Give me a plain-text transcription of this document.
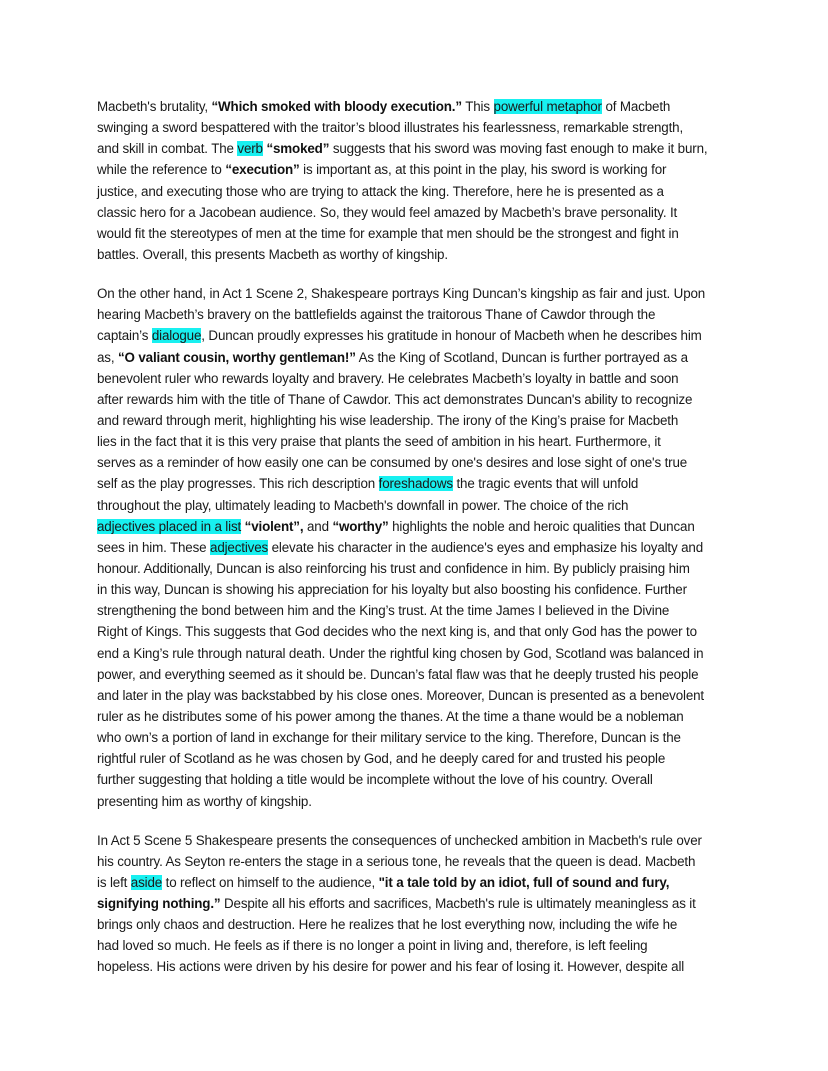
Macbeth's brutality, “Which smoked with bloody execution.” This powerful metaphor of Macbeth
swinging a sword bespattered with the traitor’s blood illustrates his fearlessness, remarkable strength,
and skill in combat. The verb “smoked” suggests that his sword was moving fast enough to make it burn,
while the reference to “execution” is important as, at this point in the play, his sword is working for
justice, and executing those who are trying to attack the king. Therefore, here he is presented as a
classic hero for a Jacobean audience. So, they would feel amazed by Macbeth’s brave personality. It
would fit the stereotypes of men at the time for example that men should be the strongest and fight in
battles. Overall, this presents Macbeth as worthy of kingship.

On the other hand, in Act 1 Scene 2, Shakespeare portrays King Duncan’s kingship as fair and just. Upon
hearing Macbeth’s bravery on the battlefields against the traitorous Thane of Cawdor through the
captain’s dialogue, Duncan proudly expresses his gratitude in honour of Macbeth when he describes him
as, “O valiant cousin, worthy gentleman!” As the King of Scotland, Duncan is further portrayed as a
benevolent ruler who rewards loyalty and bravery. He celebrates Macbeth’s loyalty in battle and soon
after rewards him with the title of Thane of Cawdor. This act demonstrates Duncan's ability to recognize
and reward through merit, highlighting his wise leadership. The irony of the King’s praise for Macbeth
lies in the fact that it is this very praise that plants the seed of ambition in his heart. Furthermore, it
serves as a reminder of how easily one can be consumed by one's desires and lose sight of one's true
self as the play progresses. This rich description foreshadows the tragic events that will unfold
throughout the play, ultimately leading to Macbeth's downfall in power. The choice of the rich
adjectives placed in a list “violent”, and “worthy” highlights the noble and heroic qualities that Duncan
sees in him. These adjectives elevate his character in the audience's eyes and emphasize his loyalty and
honour. Additionally, Duncan is also reinforcing his trust and confidence in him. By publicly praising him
in this way, Duncan is showing his appreciation for his loyalty but also boosting his confidence. Further
strengthening the bond between him and the King’s trust. At the time James I believed in the Divine
Right of Kings. This suggests that God decides who the next king is, and that only God has the power to
end a King’s rule through natural death. Under the rightful king chosen by God, Scotland was balanced in
power, and everything seemed as it should be. Duncan’s fatal flaw was that he deeply trusted his people
and later in the play was backstabbed by his close ones. Moreover, Duncan is presented as a benevolent
ruler as he distributes some of his power among the thanes. At the time a thane would be a nobleman
who own’s a portion of land in exchange for their military service to the king. Therefore, Duncan is the
rightful ruler of Scotland as he was chosen by God, and he deeply cared for and trusted his people
further suggesting that holding a title would be incomplete without the love of his country. Overall
presenting him as worthy of kingship.

In Act 5 Scene 5 Shakespeare presents the consequences of unchecked ambition in Macbeth's rule over
his country. As Seyton re-enters the stage in a serious tone, he reveals that the queen is dead. Macbeth
is left aside to reflect on himself to the audience, "it a tale told by an idiot, full of sound and fury,
signifying nothing.” Despite all his efforts and sacrifices, Macbeth's rule is ultimately meaningless as it
brings only chaos and destruction. Here he realizes that he lost everything now, including the wife he
had loved so much. He feels as if there is no longer a point in living and, therefore, is left feeling
hopeless. His actions were driven by his desire for power and his fear of losing it. However, despite all
